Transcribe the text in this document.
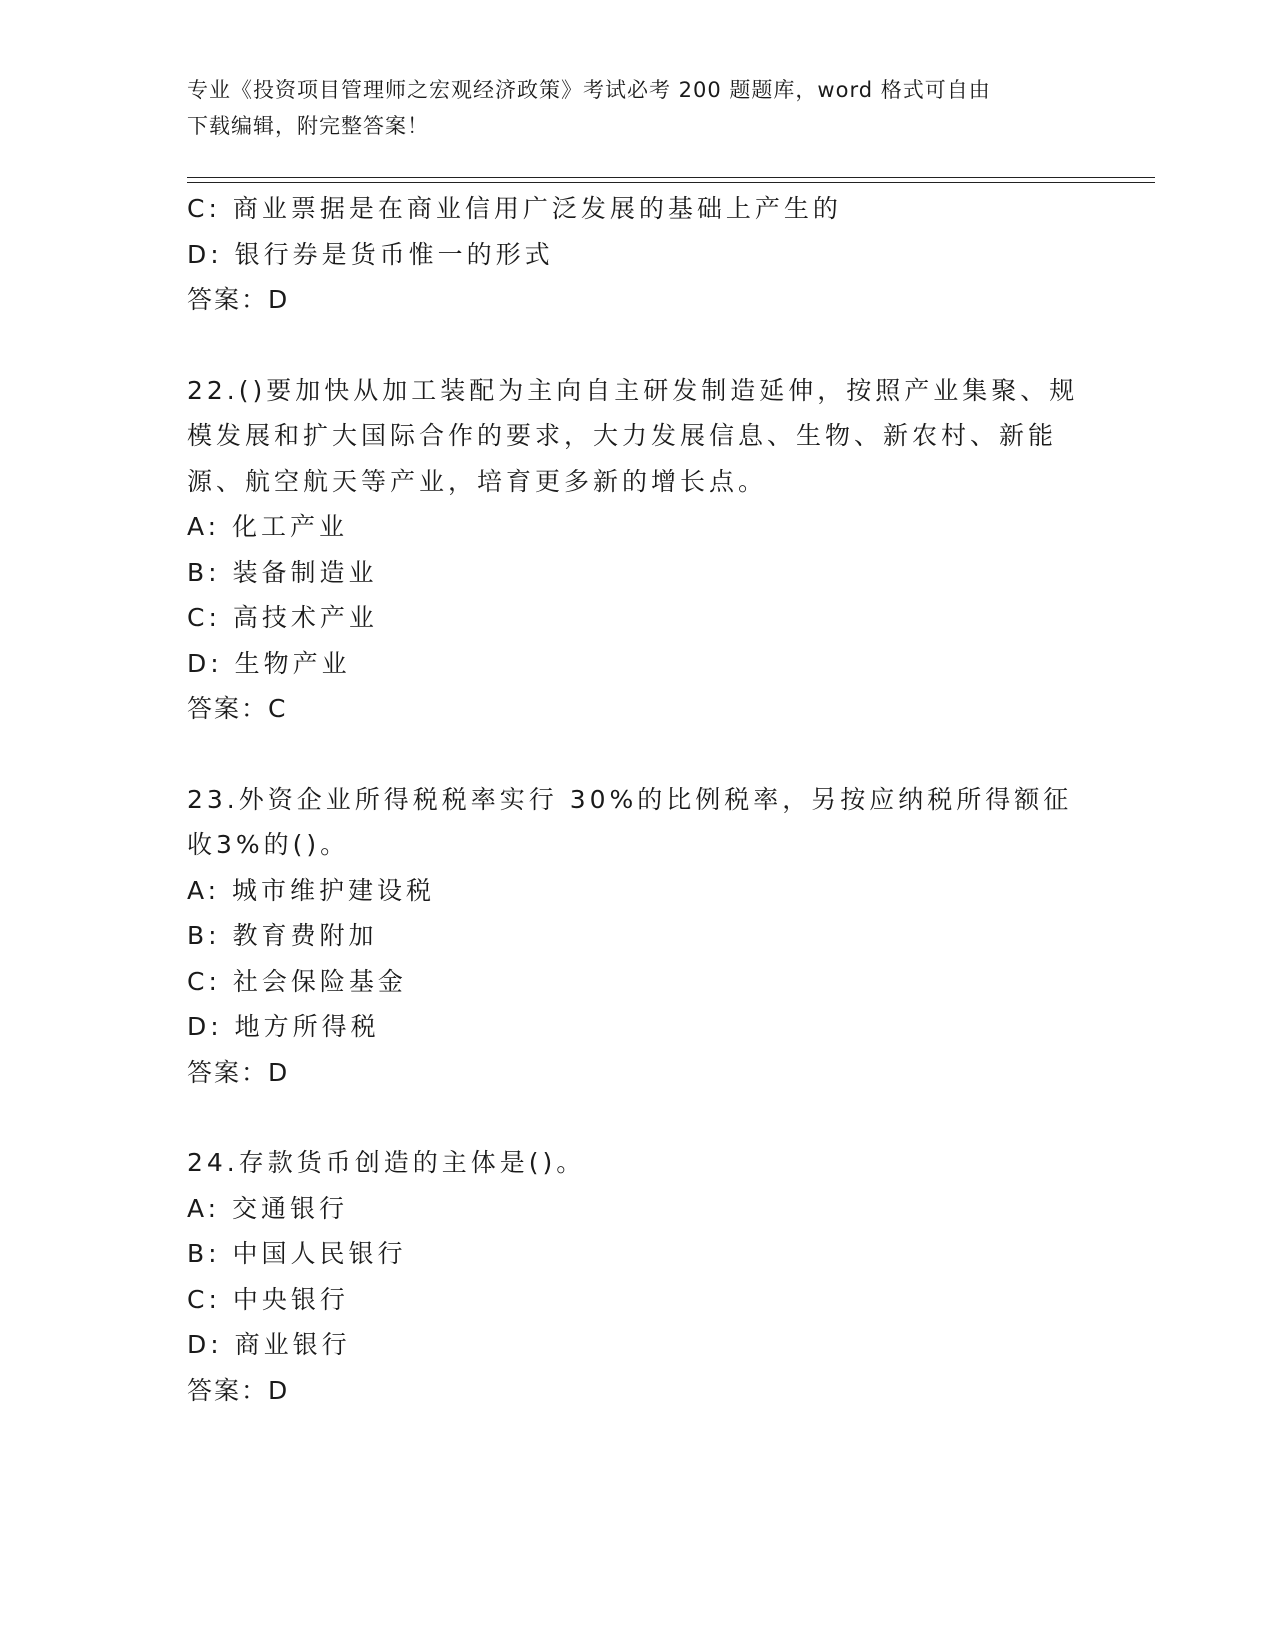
专业《投资项目管理师之宏观经济政策》考试必考 200 题题库，word 格式可自由
下载编辑，附完整答案！
C: 商业票据是在商业信用广泛发展的基础上产生的
D: 银行券是货币惟一的形式
答案：D
22.()要加快从加工装配为主向自主研发制造延伸，按照产业集聚、规模发展和扩大国际合作的要求，大力发展信息、生物、新农村、新能源、航空航天等产业，培育更多新的增长点。
A: 化工产业
B: 装备制造业
C: 高技术产业
D: 生物产业
答案：C
23.外资企业所得税税率实行 30%的比例税率，另按应纳税所得额征收3%的()。
A: 城市维护建设税
B: 教育费附加
C: 社会保险基金
D: 地方所得税
答案：D
24.存款货币创造的主体是()。
A: 交通银行
B: 中国人民银行
C: 中央银行
D: 商业银行
答案：D
